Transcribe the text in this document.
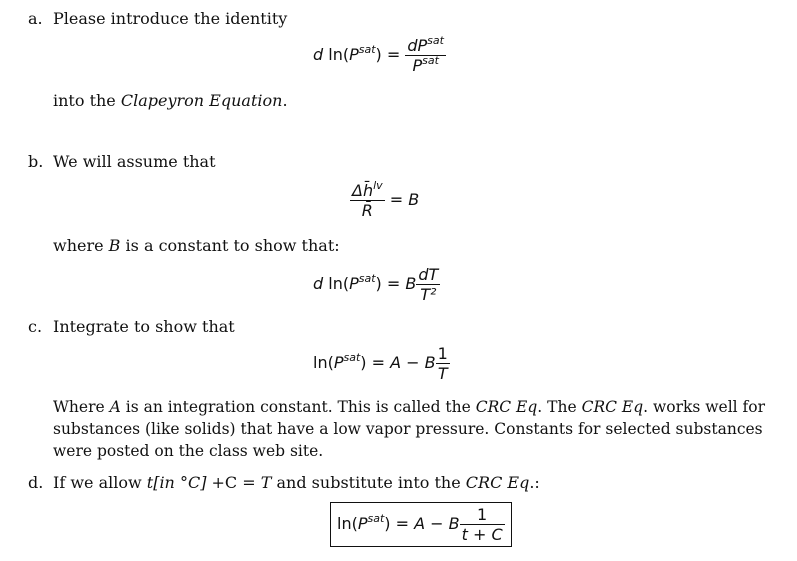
a. Please introduce the identity
d $\ln(P^{sat}) = \frac{dP^{sat}}{P^{sat}}$
into the Clapeyron Equation.
b. We will assume that
$\frac{\Delta h̄^{lv}}{R̄} = B$
where B is a constant to show that:
d $\ln(P^{sat}) = B \frac{dT}{\text{T²}}$
c. Integrate to show that
$\ln(P^{sat}) = A - B \frac{1}{T}$
Where A is an integration constant. This is called the CRC Eq. The CRC Eq. works well for substances (like solids) that have a low vapor pressure. Constants for selected substances were posted on the class web site.
d. If we allow t[in °C] +C = T and substitute into the CRC Eq.:
$\ln(P^{sat}) = A - B \frac{1}{t + C}$
